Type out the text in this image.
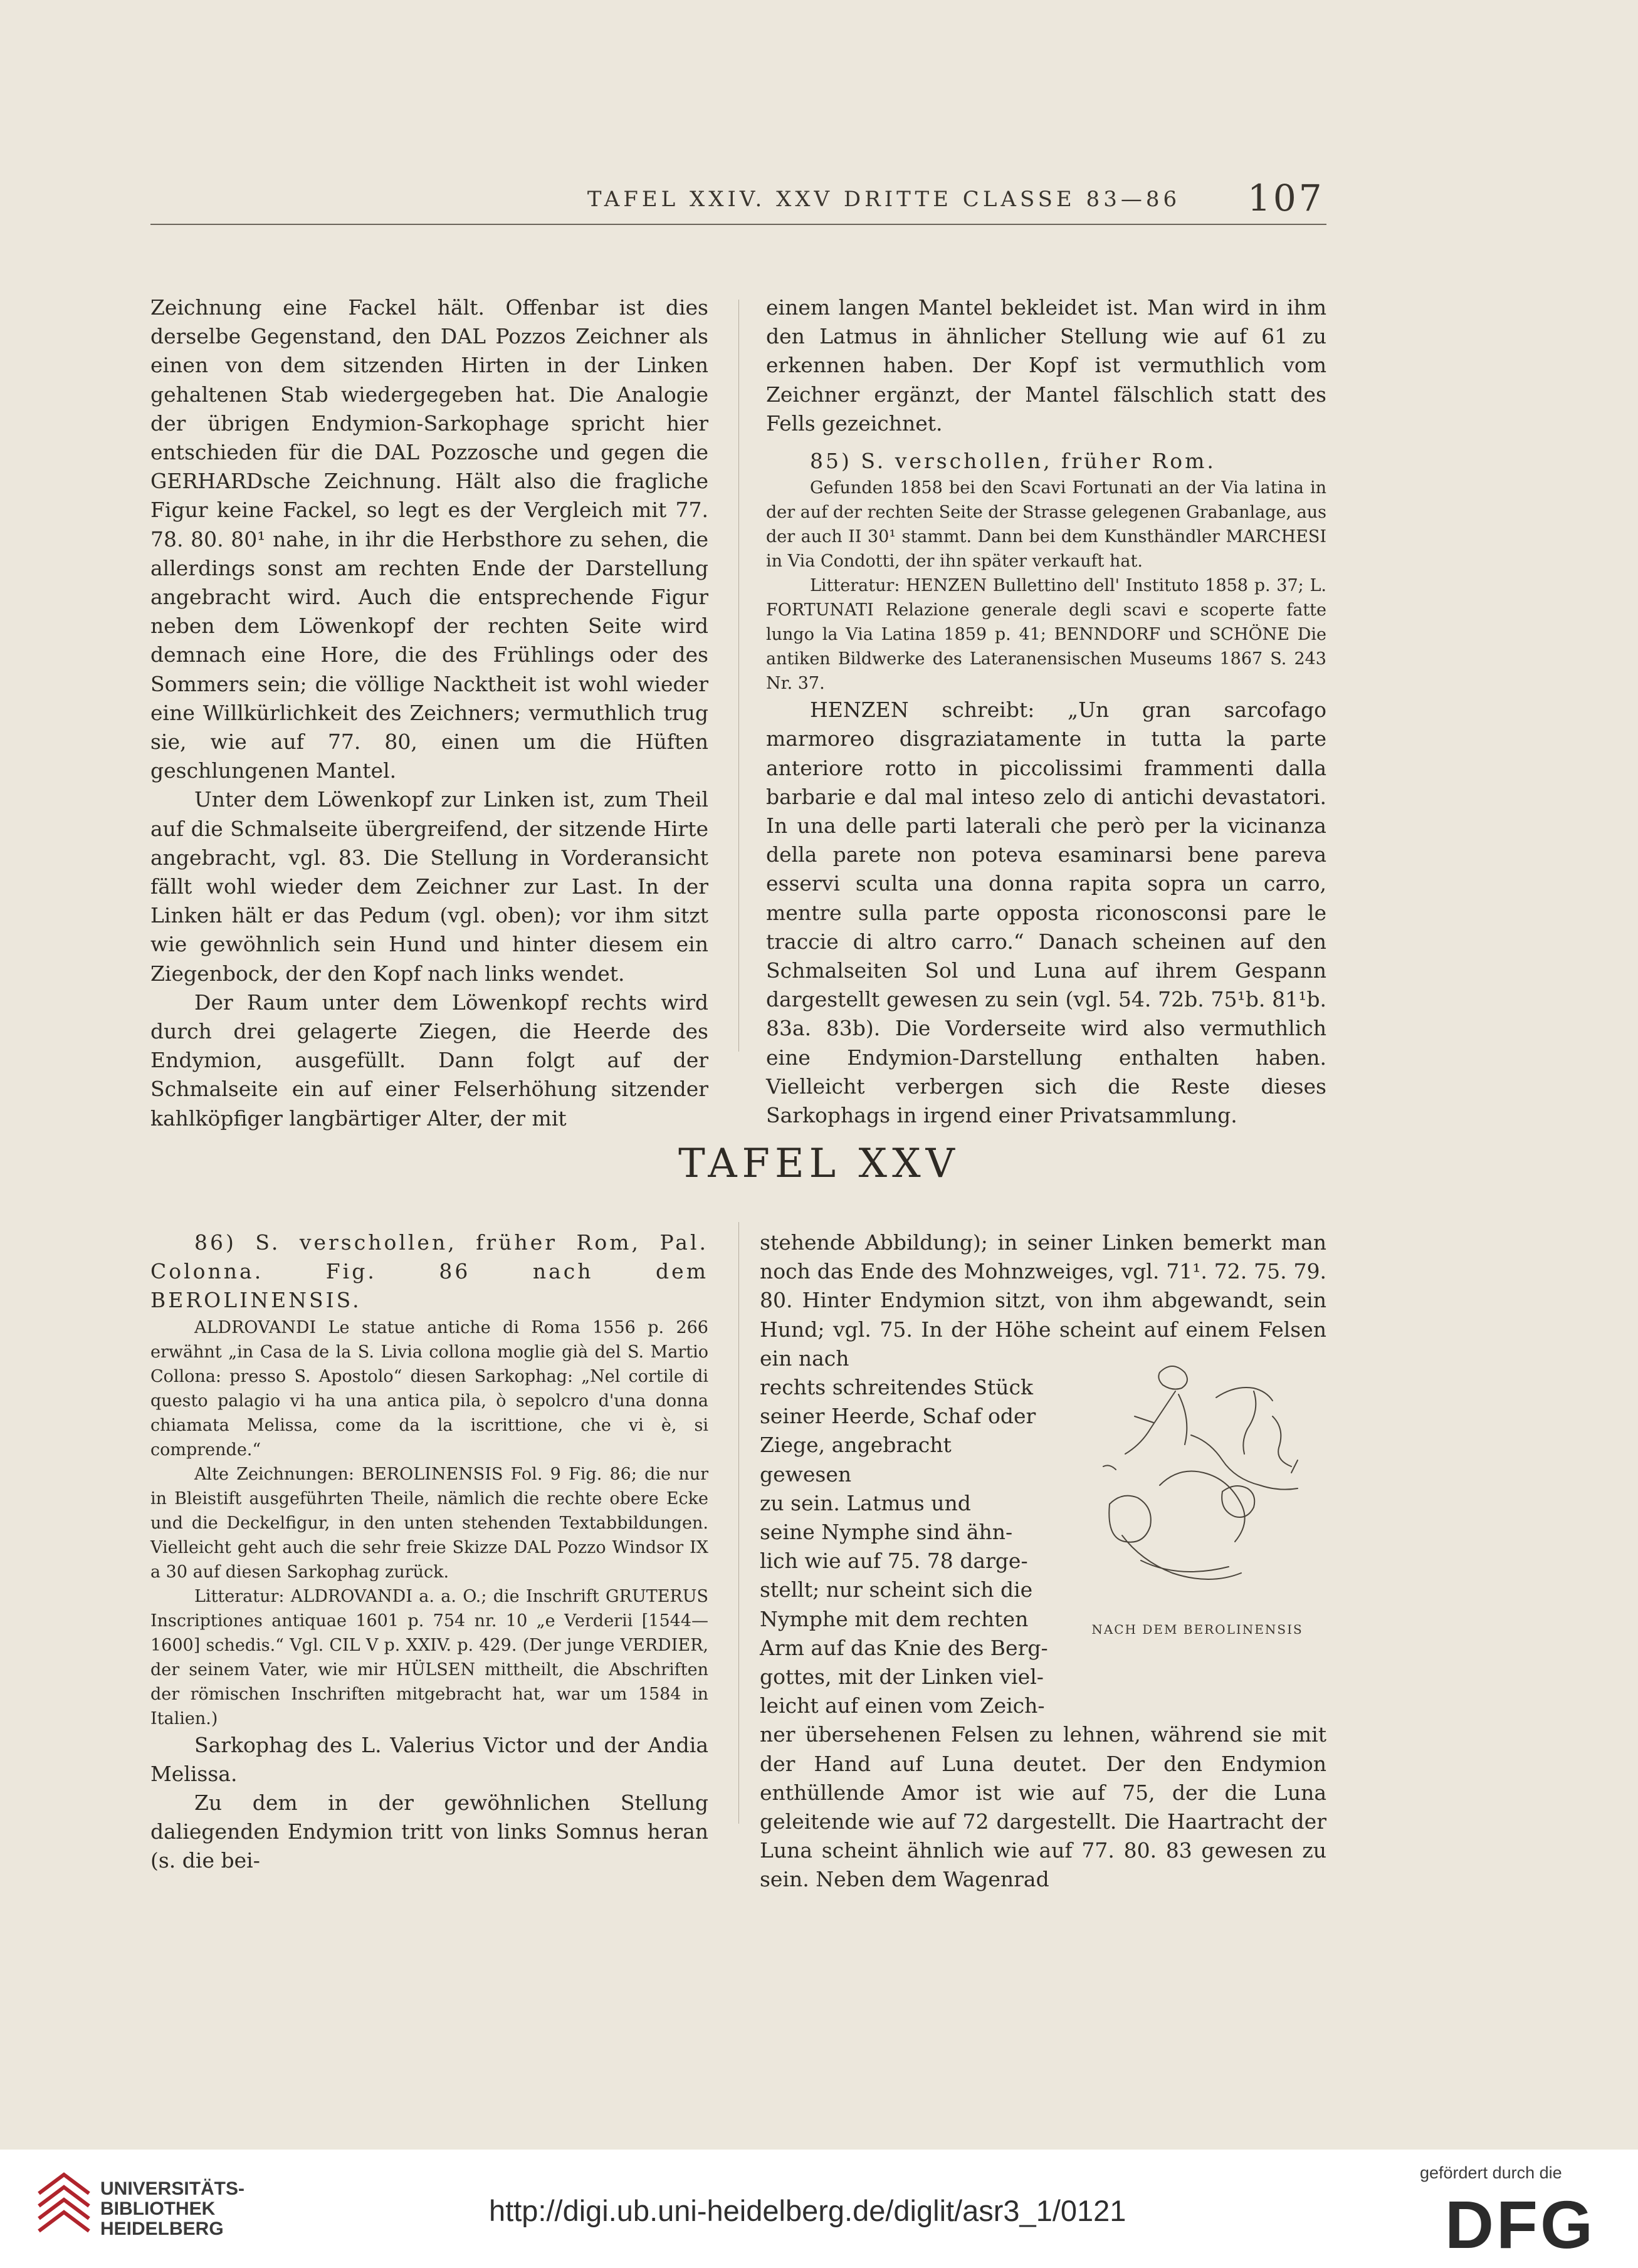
TAFEL XXIV. XXV DRITTE CLASSE 83—86	107

Zeichnung eine Fackel hält. Offenbar ist dies derselbe Gegenstand, den DAL Pozzos Zeichner als einen von dem sitzenden Hirten in der Linken gehaltenen Stab wiedergegeben hat. Die Analogie der übrigen Endymion-Sarkophage spricht hier entschieden für die DAL Pozzosche und gegen die GERHARDsche Zeichnung. Hält also die fragliche Figur keine Fackel, so legt es der Vergleich mit 77. 78. 80. 80¹ nahe, in ihr die Herbsthore zu sehen, die allerdings sonst am rechten Ende der Darstellung angebracht wird. Auch die entsprechende Figur neben dem Löwenkopf der rechten Seite wird demnach eine Hore, die des Frühlings oder des Sommers sein; die völlige Nacktheit ist wohl wieder eine Willkürlichkeit des Zeichners; vermuthlich trug sie, wie auf 77. 80, einen um die Hüften geschlungenen Mantel.

Unter dem Löwenkopf zur Linken ist, zum Theil auf die Schmalseite übergreifend, der sitzende Hirte angebracht, vgl. 83. Die Stellung in Vorderansicht fällt wohl wieder dem Zeichner zur Last. In der Linken hält er das Pedum (vgl. oben); vor ihm sitzt wie gewöhnlich sein Hund und hinter diesem ein Ziegenbock, der den Kopf nach links wendet.

Der Raum unter dem Löwenkopf rechts wird durch drei gelagerte Ziegen, die Heerde des Endymion, ausgefüllt. Dann folgt auf der Schmalseite ein auf einer Felserhöhung sitzender kahlköpfiger langbärtiger Alter, der mit

einem langen Mantel bekleidet ist. Man wird in ihm den Latmus in ähnlicher Stellung wie auf 61 zu erkennen haben. Der Kopf ist vermuthlich vom Zeichner ergänzt, der Mantel fälschlich statt des Fells gezeichnet.

85) S. verschollen, früher Rom.

Gefunden 1858 bei den Scavi Fortunati an der Via latina in der auf der rechten Seite der Strasse gelegenen Grabanlage, aus der auch II 30¹ stammt. Dann bei dem Kunsthändler MARCHESI in Via Condotti, der ihn später verkauft hat.

Litteratur: HENZEN Bullettino dell' Instituto 1858 p. 37; L. FORTUNATI Relazione generale degli scavi e scoperte fatte lungo la Via Latina 1859 p. 41; BENNDORF und SCHÖNE Die antiken Bildwerke des Lateranensischen Museums 1867 S. 243 Nr. 37.

HENZEN schreibt: „Un gran sarcofago marmoreo disgraziatamente in tutta la parte anteriore rotto in piccolissimi frammenti dalla barbarie e dal mal inteso zelo di antichi devastatori. In una delle parti laterali che però per la vicinanza della parete non poteva esaminarsi bene pareva esservi sculta una donna rapita sopra un carro, mentre sulla parte opposta riconosconsi pare le traccie di altro carro.“ Danach scheinen auf den Schmalseiten Sol und Luna auf ihrem Gespann dargestellt gewesen zu sein (vgl. 54. 72b. 75¹b. 81¹b. 83a. 83b). Die Vorderseite wird also vermuthlich eine Endymion-Darstellung enthalten haben. Vielleicht verbergen sich die Reste dieses Sarkophags in irgend einer Privatsammlung.

TAFEL XXV

86) S. verschollen, früher Rom, Pal. Colonna. Fig. 86 nach dem BEROLINENSIS.

ALDROVANDI Le statue antiche di Roma 1556 p. 266 erwähnt „in Casa de la S. Livia collona moglie già del S. Martio Collona: presso S. Apostolo“ diesen Sarkophag: „Nel cortile di questo palagio vi ha una antica pila, ò sepolcro d'una donna chiamata Melissa, come da la iscrittione, che vi è, si comprende.“

Alte Zeichnungen: BEROLINENSIS Fol. 9 Fig. 86; die nur in Bleistift ausgeführten Theile, nämlich die rechte obere Ecke und die Deckelfigur, in den unten stehenden Textabbildungen. Vielleicht geht auch die sehr freie Skizze DAL Pozzo Windsor IX a 30 auf diesen Sarkophag zurück.

Litteratur: ALDROVANDI a. a. O.; die Inschrift GRUTERUS Inscriptiones antiquae 1601 p. 754 nr. 10 „e Verderii [1544—1600] schedis.“ Vgl. CIL V p. XXIV. p. 429. (Der junge VERDIER, der seinem Vater, wie mir HÜLSEN mittheilt, die Abschriften der römischen Inschriften mitgebracht hat, war um 1584 in Italien.)

Sarkophag des L. Valerius Victor und der Andia Melissa.

Zu dem in der gewöhnlichen Stellung daliegenden Endymion tritt von links Somnus heran (s. die bei-

stehende Abbildung); in seiner Linken bemerkt man noch das Ende des Mohnzweiges, vgl. 71¹. 72. 75. 79. 80. Hinter Endymion sitzt, von ihm abgewandt, sein Hund; vgl. 75. In der Höhe scheint auf einem Felsen ein nach

rechts schreitendes Stück
seiner Heerde, Schaf oder
Ziege, angebracht gewesen
zu sein. Latmus und
seine Nymphe sind ähn-
lich wie auf 75. 78 darge-
stellt; nur scheint sich die
Nymphe mit dem rechten
Arm auf das Knie des Berg-
gottes, mit der Linken viel-
leicht auf einen vom Zeich-

ner übersehenen Felsen zu lehnen, während sie mit der Hand auf Luna deutet. Der den Endymion enthüllende Amor ist wie auf 75, der die Luna geleitende wie auf 72 dargestellt. Die Haartracht der Luna scheint ähnlich wie auf 77. 80. 83 gewesen zu sein. Neben dem Wagenrad

NACH DEM BEROLINENSIS
UNIVERSITÄTS-
BIBLIOTHEK
HEIDELBERG
http://digi.ub.uni-heidelberg.de/diglit/asr3_1/0121
gefördert durch die
DFG
